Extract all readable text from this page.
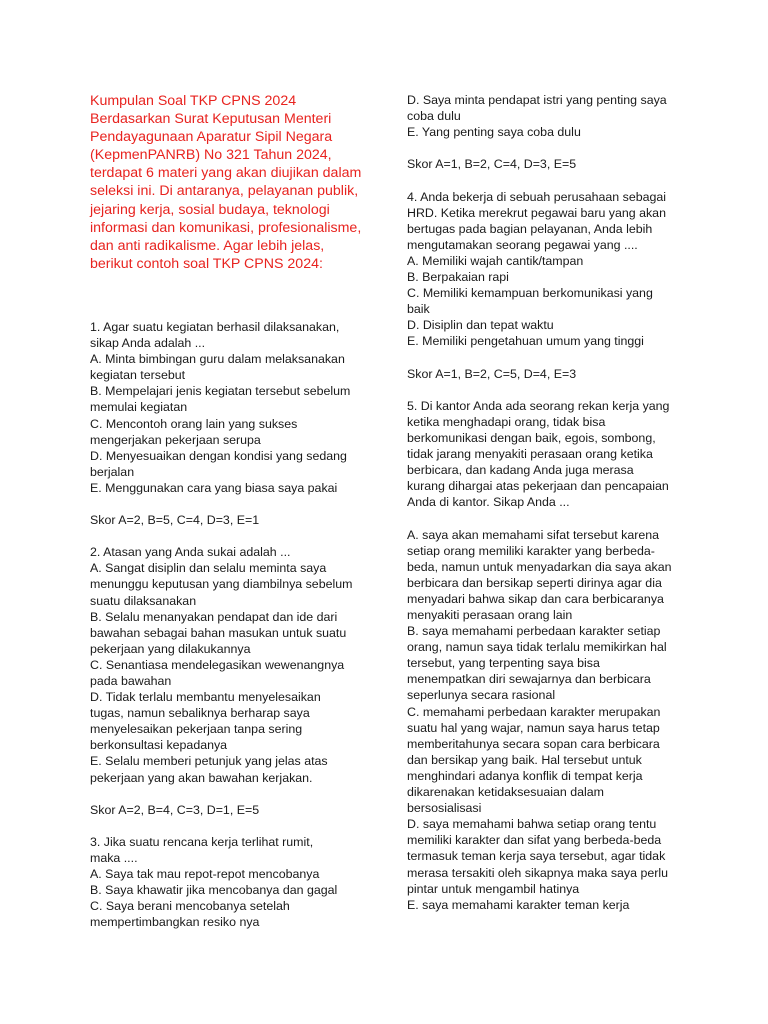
Kumpulan Soal TKP CPNS 2024
Berdasarkan Surat Keputusan Menteri
Pendayagunaan Aparatur Sipil Negara
(KepmenPANRB) No 321 Tahun 2024,
terdapat 6 materi yang akan diujikan dalam
seleksi ini. Di antaranya, pelayanan publik,
jejaring kerja, sosial budaya, teknologi
informasi dan komunikasi, profesionalisme,
dan anti radikalisme. Agar lebih jelas,
berikut contoh soal TKP CPNS 2024:
1. Agar suatu kegiatan berhasil dilaksanakan,
sikap Anda adalah ...
A. Minta bimbingan guru dalam melaksanakan
kegiatan tersebut
B. Mempelajari jenis kegiatan tersebut sebelum
memulai kegiatan
C. Mencontoh orang lain yang sukses
mengerjakan pekerjaan serupa
D. Menyesuaikan dengan kondisi yang sedang
berjalan
E. Menggunakan cara yang biasa saya pakai
Skor A=2, B=5, C=4, D=3, E=1
2. Atasan yang Anda sukai adalah ...
A. Sangat disiplin dan selalu meminta saya
menunggu keputusan yang diambilnya sebelum
suatu dilaksanakan
B. Selalu menanyakan pendapat dan ide dari
bawahan sebagai bahan masukan untuk suatu
pekerjaan yang dilakukannya
C. Senantiasa mendelegasikan wewenangnya
pada bawahan
D. Tidak terlalu membantu menyelesaikan
tugas, namun sebaliknya berharap saya
menyelesaikan pekerjaan tanpa sering
berkonsultasi kepadanya
E. Selalu memberi petunjuk yang jelas atas
pekerjaan yang akan bawahan kerjakan.
Skor A=2, B=4, C=3, D=1, E=5
3. Jika suatu rencana kerja terlihat rumit,
maka ....
A. Saya tak mau repot-repot mencobanya
B. Saya khawatir jika mencobanya dan gagal
C. Saya berani mencobanya setelah
mempertimbangkan resiko nya
D. Saya minta pendapat istri yang penting saya
coba dulu
E. Yang penting saya coba dulu
Skor A=1, B=2, C=4, D=3, E=5
4. Anda bekerja di sebuah perusahaan sebagai
HRD. Ketika merekrut pegawai baru yang akan
bertugas pada bagian pelayanan, Anda lebih
mengutamakan seorang pegawai yang ....
A. Memiliki wajah cantik/tampan
B. Berpakaian rapi
C. Memiliki kemampuan berkomunikasi yang
baik
D. Disiplin dan tepat waktu
E. Memiliki pengetahuan umum yang tinggi
Skor A=1, B=2, C=5, D=4, E=3
5. Di kantor Anda ada seorang rekan kerja yang
ketika menghadapi orang, tidak bisa
berkomunikasi dengan baik, egois, sombong,
tidak jarang menyakiti perasaan orang ketika
berbicara, dan kadang Anda juga merasa
kurang dihargai atas pekerjaan dan pencapaian
Anda di kantor. Sikap Anda ...
A. saya akan memahami sifat tersebut karena
setiap orang memiliki karakter yang berbeda-
beda, namun untuk menyadarkan dia saya akan
berbicara dan bersikap seperti dirinya agar dia
menyadari bahwa sikap dan cara berbicaranya
menyakiti perasaan orang lain
B. saya memahami perbedaan karakter setiap
orang, namun saya tidak terlalu memikirkan hal
tersebut, yang terpenting saya bisa
menempatkan diri sewajarnya dan berbicara
seperlunya secara rasional
C. memahami perbedaan karakter merupakan
suatu hal yang wajar, namun saya harus tetap
memberitahunya secara sopan cara berbicara
dan bersikap yang baik. Hal tersebut untuk
menghindari adanya konflik di tempat kerja
dikarenakan ketidaksesuaian dalam
bersosialisasi
D. saya memahami bahwa setiap orang tentu
memiliki karakter dan sifat yang berbeda-beda
termasuk teman kerja saya tersebut, agar tidak
merasa tersakiti oleh sikapnya maka saya perlu
pintar untuk mengambil hatinya
E. saya memahami karakter teman kerja
